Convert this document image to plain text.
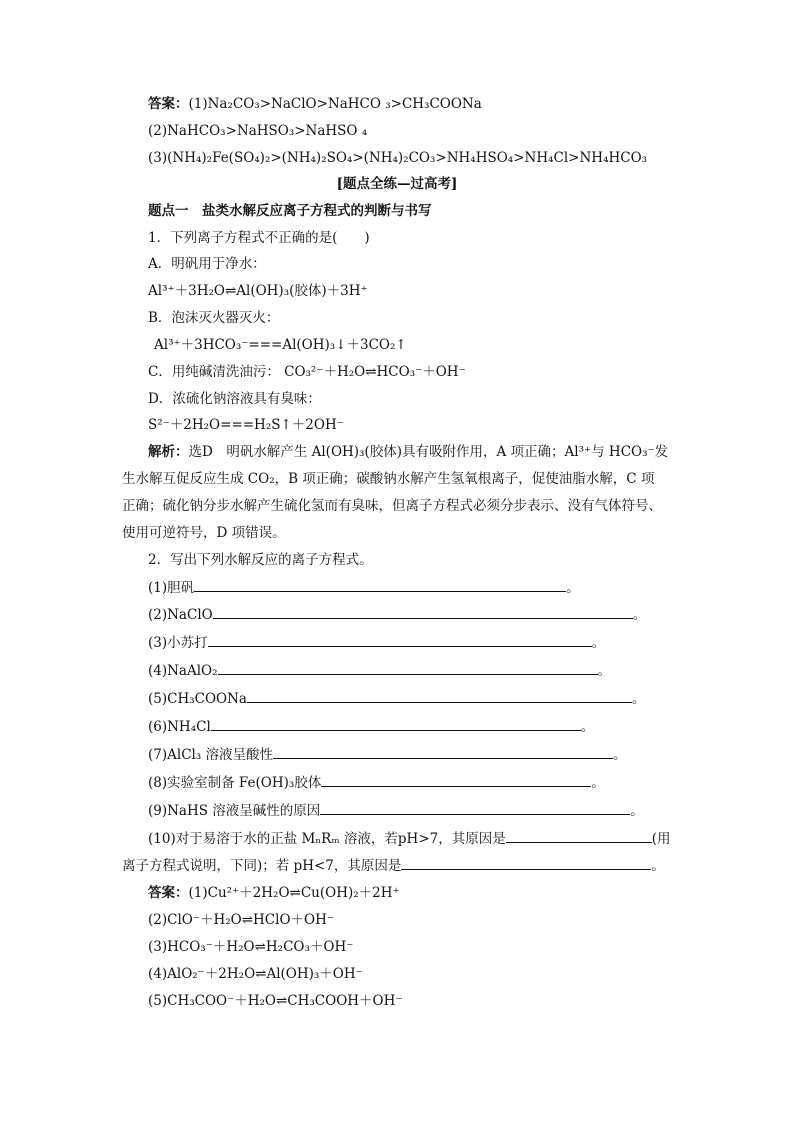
答案：(1)Na₂CO₃>NaClO>NaHCO ₃>CH₃COONa
(2)NaHCO₃>NaHSO₃>NaHSO ₄
(3)(NH₄)₂Fe(SO₄)₂>(NH₄)₂SO₄>(NH₄)₂CO₃>NH₄HSO₄>NH₄Cl>NH₄HCO₃
[题点全练—过高考]
题点一　盐类水解反应离子方程式的判断与书写
1．下列离子方程式不正确的是(　　)
A．明矾用于净水：
Al³⁺＋3H₂O⇌Al(OH)₃(胶体)＋3H⁺
B．泡沫灭火器灭火：
Al³⁺＋3HCO₃⁻===Al(OH)₃↓＋3CO₂↑
C．用纯碱清洗油污： CO₃²⁻＋H₂O⇌HCO₃⁻＋OH⁻
D．浓硫化钠溶液具有臭味：
S²⁻＋2H₂O===H₂S↑＋2OH⁻
解析：选D　明矾水解产生 Al(OH)₃(胶体)具有吸附作用，A 项正确；Al³⁺与 HCO₃⁻发
生水解互促反应生成 CO₂，B 项正确；碳酸钠水解产生氢氧根离子，促使油脂水解，C 项
正确；硫化钠分步水解产生硫化氢而有臭味，但离子方程式必须分步表示、没有气体符号、
使用可逆符号，D 项错误。
2．写出下列水解反应的离子方程式。
(1)胆矾	。
(2)NaClO	。
(3)小苏打	。
(4)NaAlO₂	。
(5)CH₃COONa	。
(6)NH₄Cl	。
(7)AlCl₃ 溶液呈酸性	。
(8)实验室制备 Fe(OH)₃胶体	。
(9)NaHS 溶液呈碱性的原因	。
(10)对于易溶于水的正盐 MₙRₘ 溶液，若pH>7，其原因是	(用
离子方程式说明，下同)；若 pH<7，其原因是	。
答案：(1)Cu²⁺＋2H₂O⇌Cu(OH)₂＋2H⁺
(2)ClO⁻＋H₂O⇌HClO＋OH⁻
(3)HCO₃⁻＋H₂O⇌H₂CO₃＋OH⁻
(4)AlO₂⁻＋2H₂O⇌Al(OH)₃＋OH⁻
(5)CH₃COO⁻＋H₂O⇌CH₃COOH＋OH⁻
